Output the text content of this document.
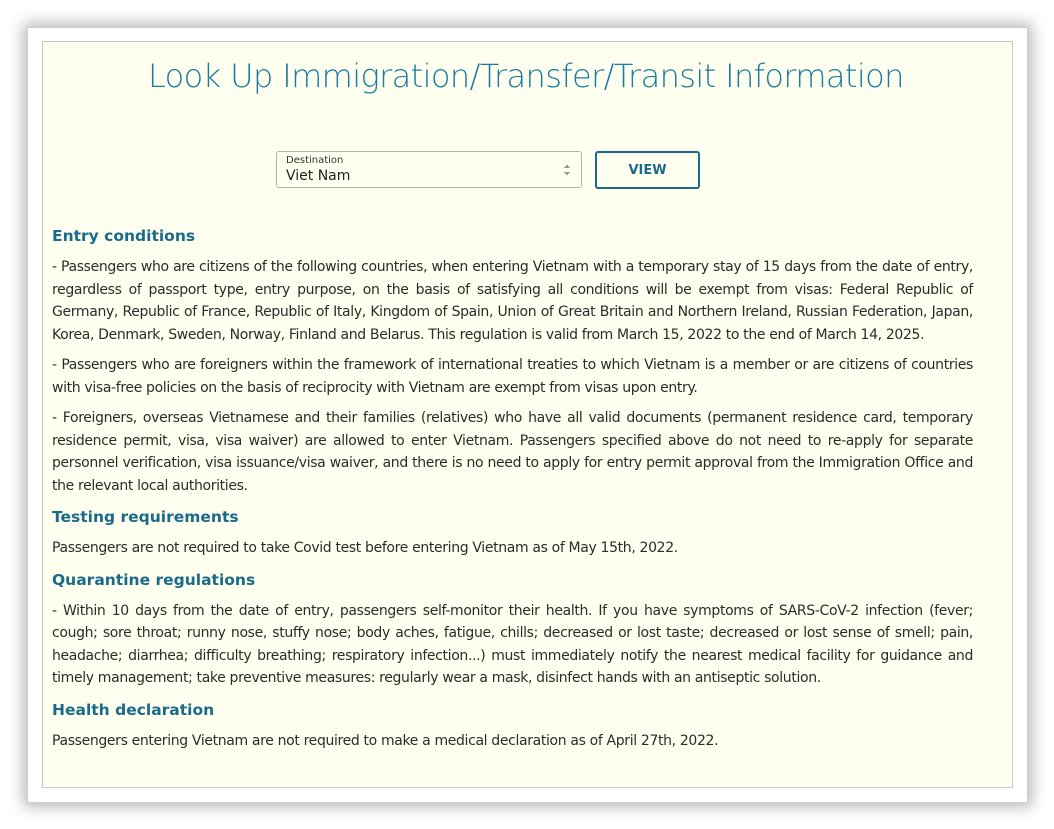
Look Up Immigration/Transfer/Transit Information
Destination
Viet Nam	VIEW
Entry conditions

- Passengers who are citizens of the following countries, when entering Vietnam with a temporary stay of 15 days from the date of entry, regardless of passport type, entry purpose, on the basis of satisfying all conditions will be exempt from visas: Federal Republic of Germany, Republic of France, Republic of Italy, Kingdom of Spain, Union of Great Britain and Northern Ireland, Russian Federation, Japan, Korea, Denmark, Sweden, Norway, Finland and Belarus. This regulation is valid from March 15, 2022 to the end of March 14, 2025.

- Passengers who are foreigners within the framework of international treaties to which Vietnam is a member or are citizens of countries with visa-free policies on the basis of reciprocity with Vietnam are exempt from visas upon entry.

- Foreigners, overseas Vietnamese and their families (relatives) who have all valid documents (permanent residence card, temporary residence permit, visa, visa waiver) are allowed to enter Vietnam. Passengers specified above do not need to re-apply for separate personnel verification, visa issuance/visa waiver, and there is no need to apply for entry permit approval from the Immigration Office and the relevant local authorities.

Testing requirements

Passengers are not required to take Covid test before entering Vietnam as of May 15th, 2022.

Quarantine regulations

- Within 10 days from the date of entry, passengers self-monitor their health. If you have symptoms of SARS-CoV-2 infection (fever; cough; sore throat; runny nose, stuffy nose; body aches, fatigue, chills; decreased or lost taste; decreased or lost sense of smell; pain, headache; diarrhea; difficulty breathing; respiratory infection...) must immediately notify the nearest medical facility for guidance and timely management; take preventive measures: regularly wear a mask, disinfect hands with an antiseptic solution.

Health declaration

Passengers entering Vietnam are not required to make a medical declaration as of April 27th, 2022.
